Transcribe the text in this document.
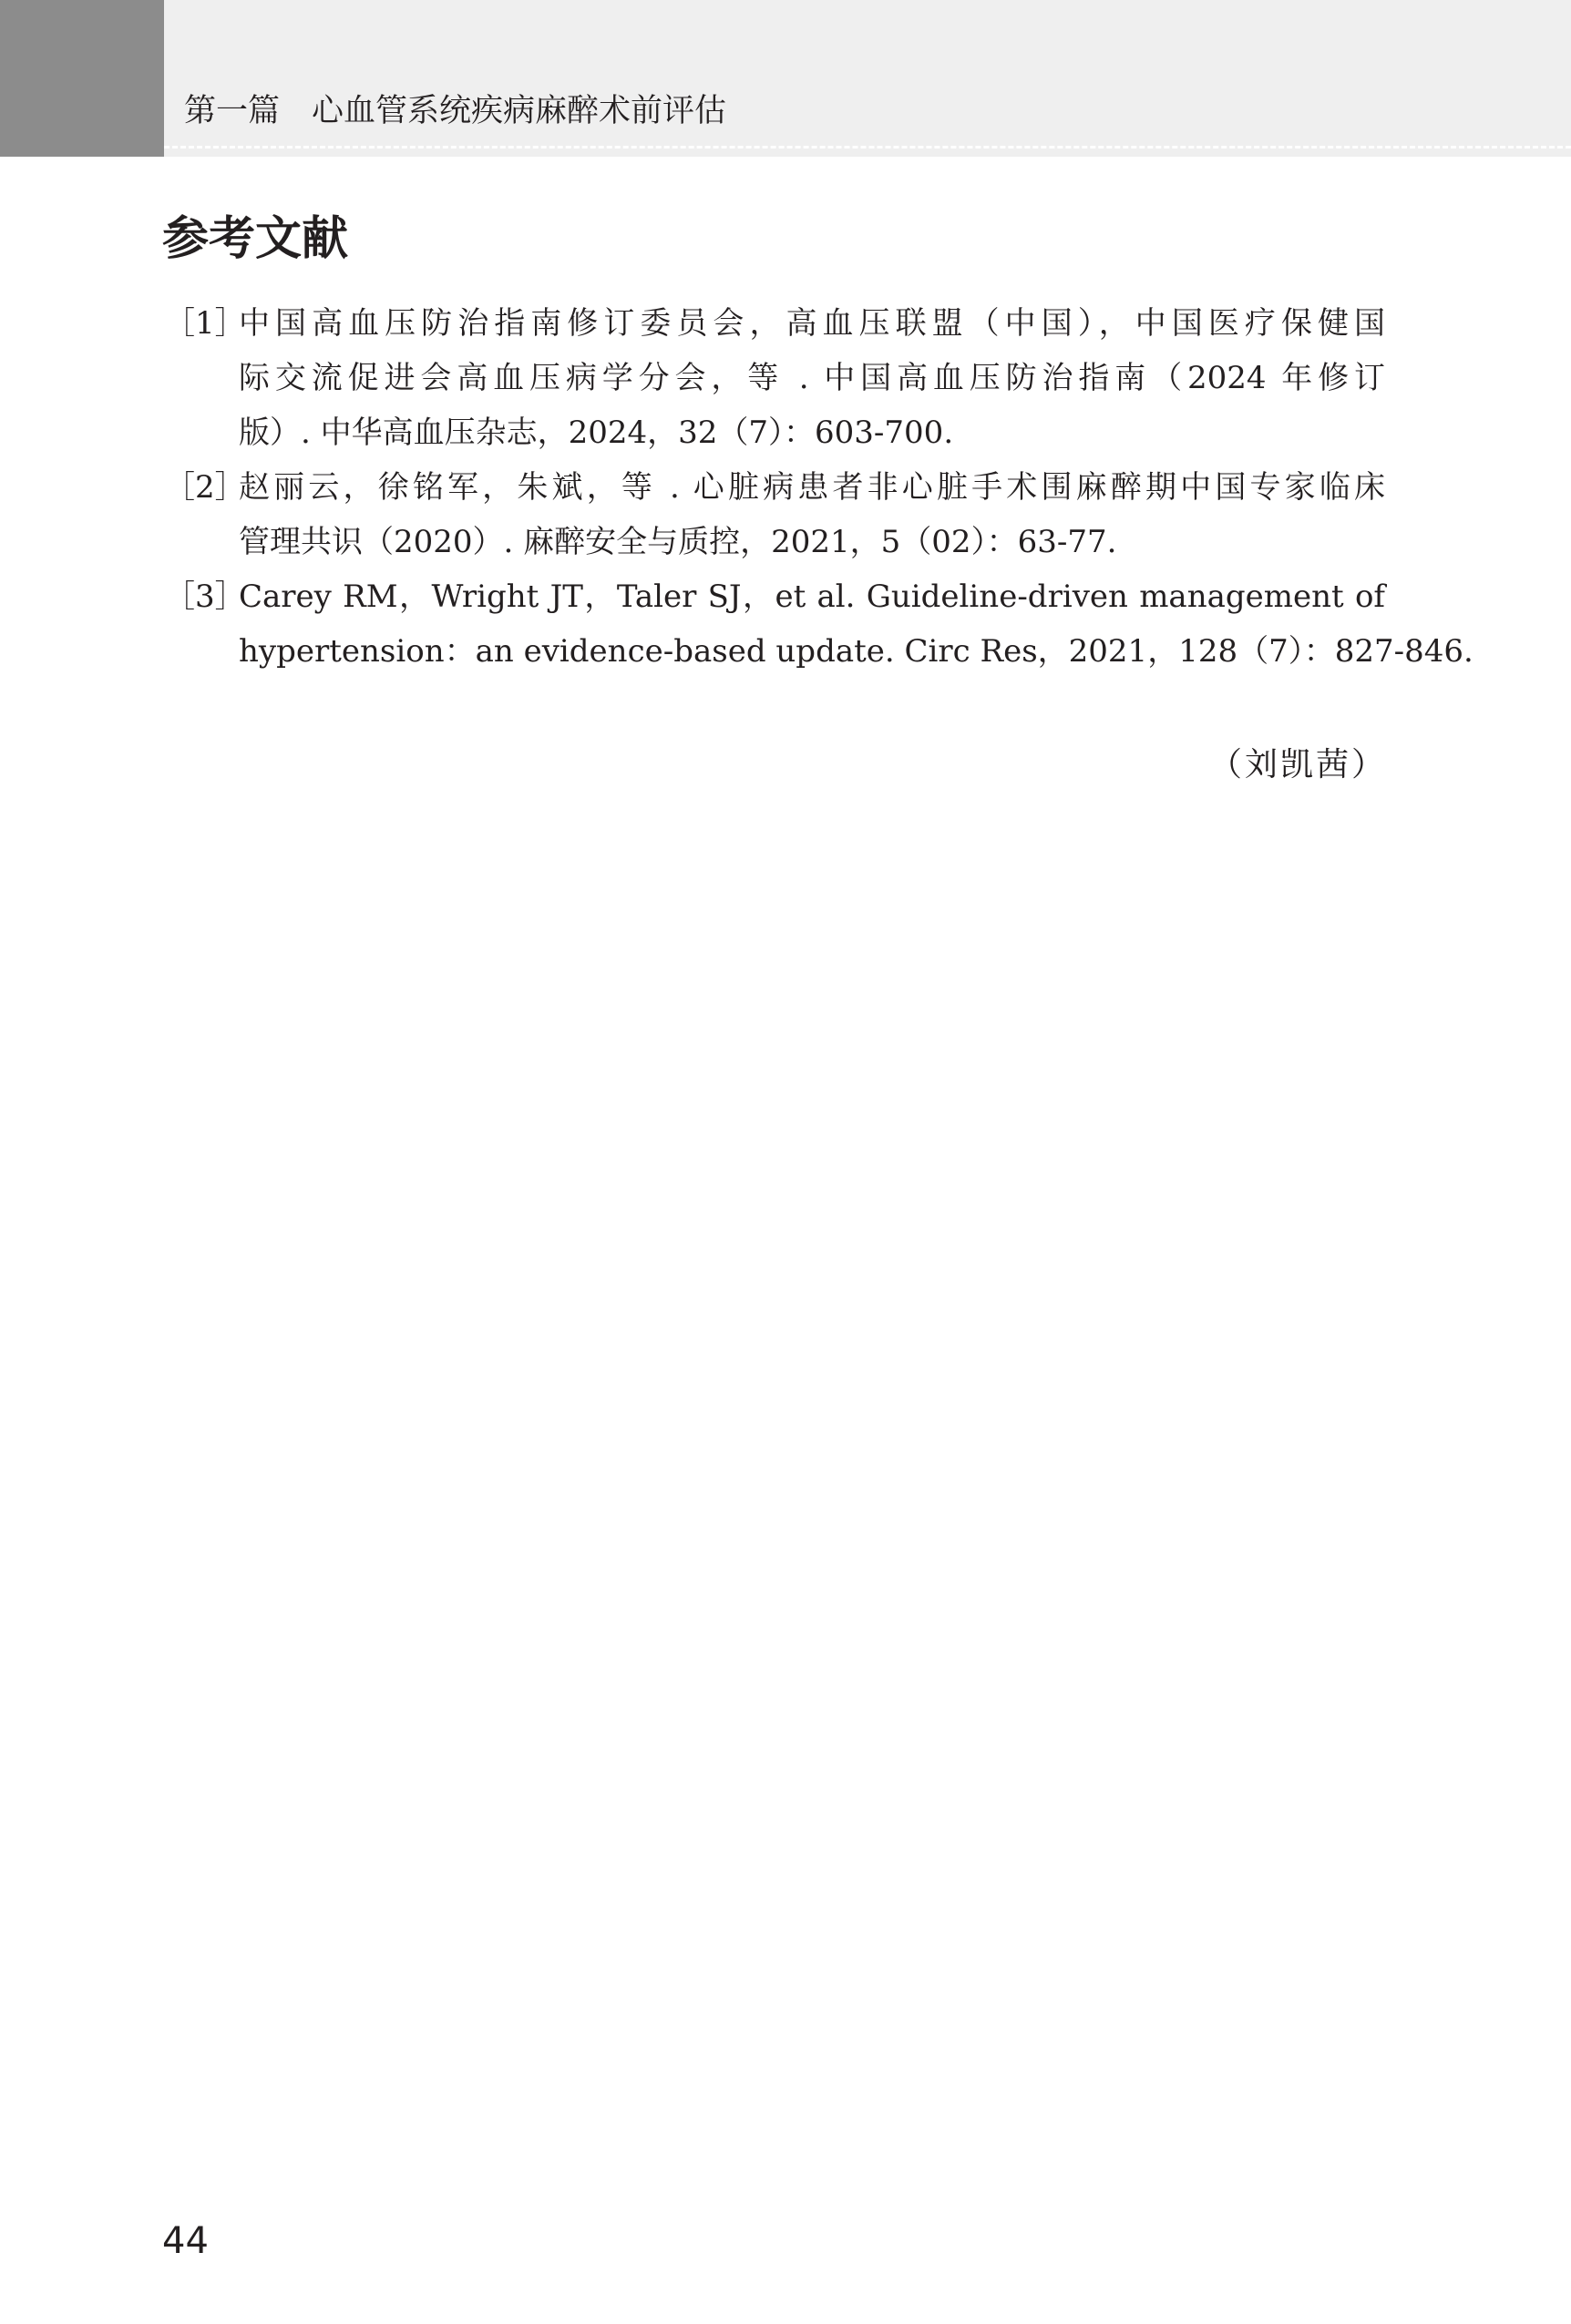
第一篇　心血管系统疾病麻醉术前评估
参考文献
［1］
中国高血压防治指南修订委员会，高血压联盟（中国），中国医疗保健国
际交流促进会高血压病学分会，等 . 中国高血压防治指南（2024 年修订
版）. 中华高血压杂志，2024，32（7）：603-700.
［2］
赵丽云，徐铭军，朱斌，等 . 心脏病患者非心脏手术围麻醉期中国专家临床
管理共识（2020）. 麻醉安全与质控，2021，5（02）：63-77.
［3］
Carey RM，Wright JT，Taler SJ，et al. Guideline-driven management of
hypertension：an evidence-based update. Circ Res，2021，128（7）：827-846.
（刘凯茜）
44
